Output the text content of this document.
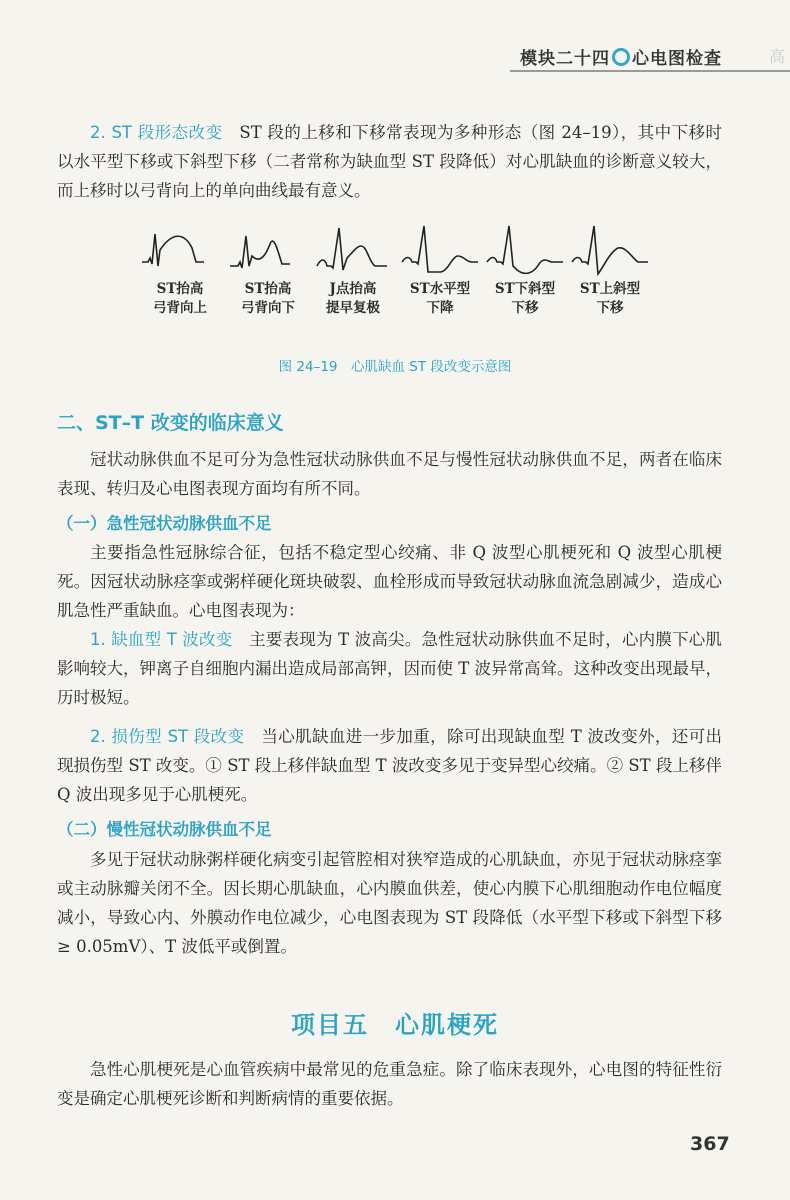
模块二十四 心电图检查	高
2. ST 段形态改变　 ST 段的上移和下移常表现为多种形态（图 24–19），其中下移时以水平型下移或下斜型下移（二者常称为缺血型 ST 段降低）对心肌缺血的诊断意义较大，而上移时以弓背向上的单向曲线最有意义。
ST抬高
弓背向上
ST抬高
弓背向下
J点抬高
提早复极
ST水平型
下降
ST下斜型
下移
ST上斜型
下移
图 24–19　心肌缺血 ST 段改变示意图
二、ST–T 改变的临床意义
冠状动脉供血不足可分为急性冠状动脉供血不足与慢性冠状动脉供血不足，两者在临床表现、转归及心电图表现方面均有所不同。
（一）急性冠状动脉供血不足
主要指急性冠脉综合征，包括不稳定型心绞痛、非 Q 波型心肌梗死和 Q 波型心肌梗死。因冠状动脉痉挛或粥样硬化斑块破裂、血栓形成而导致冠状动脉血流急剧减少，造成心肌急性严重缺血。心电图表现为：
1. 缺血型 T 波改变　 主要表现为 T 波高尖。急性冠状动脉供血不足时，心内膜下心肌影响较大，钾离子自细胞内漏出造成局部高钾，因而使 T 波异常高耸。这种改变出现最早，历时极短。
2. 损伤型 ST 段改变　 当心肌缺血进一步加重，除可出现缺血型 T 波改变外，还可出现损伤型 ST 改变。① ST 段上移伴缺血型 T 波改变多见于变异型心绞痛。② ST 段上移伴 Q 波出现多见于心肌梗死。
（二）慢性冠状动脉供血不足
多见于冠状动脉粥样硬化病变引起管腔相对狭窄造成的心肌缺血，亦见于冠状动脉痉挛或主动脉瓣关闭不全。因长期心肌缺血，心内膜血供差，使心内膜下心肌细胞动作电位幅度减小，导致心内、外膜动作电位减少，心电图表现为 ST 段降低（水平型下移或下斜型下移≥ 0.05mV）、T 波低平或倒置。
项目五　心肌梗死
急性心肌梗死是心血管疾病中最常见的危重急症。除了临床表现外，心电图的特征性衍变是确定心肌梗死诊断和判断病情的重要依据。
367
